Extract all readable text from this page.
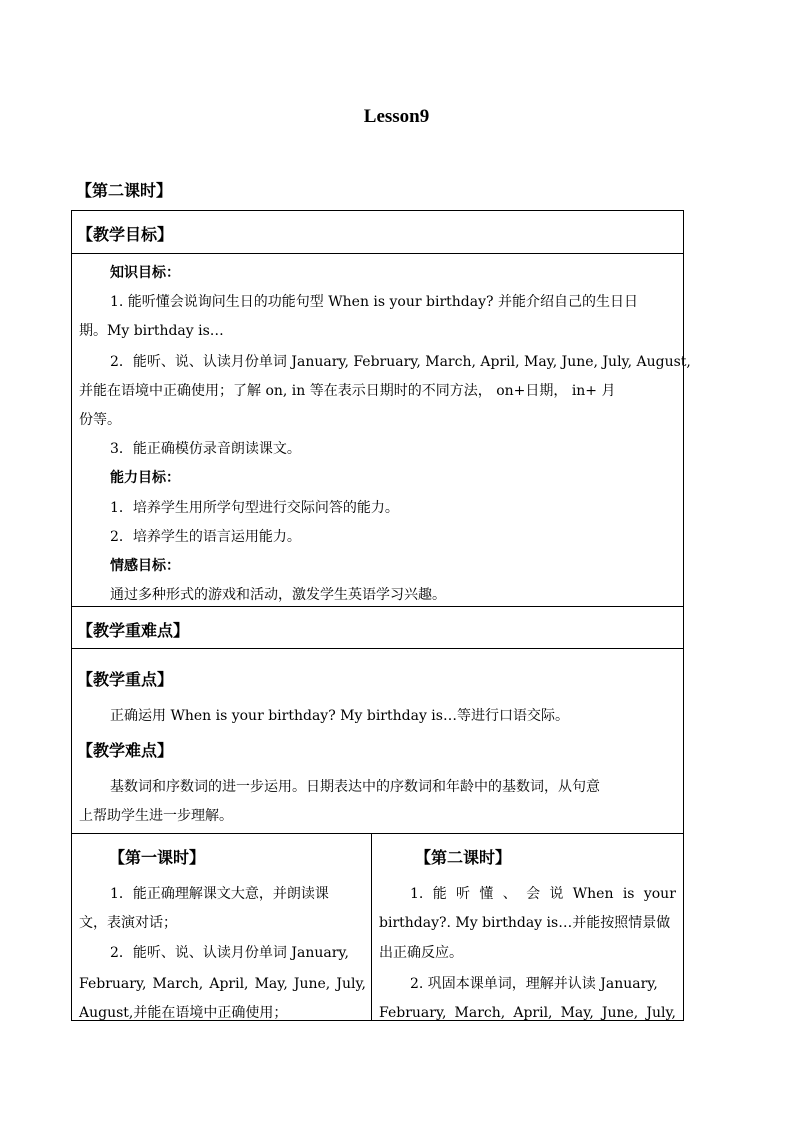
Lesson9
【第二课时】
【教学目标】
知识目标：
1. 能听懂会说询问生日的功能句型 When is your birthday? 并能介绍自己的生日日
期。My birthday is…
2．能听、说、认读月份单词 January, February, March, April, May, June, July, August,
并能在语境中正确使用；了解 on, in 等在表示日期时的不同方法， on+日期， in+ 月
份等。
3．能正确模仿录音朗读课文。
能力目标：
1．培养学生用所学句型进行交际问答的能力。
2．培养学生的语言运用能力。
情感目标：
通过多种形式的游戏和活动，激发学生英语学习兴趣。
【教学重难点】
【教学重点】
正确运用 When is your birthday? My birthday is…等进行口语交际。
【教学难点】
基数词和序数词的进一步运用。日期表达中的序数词和年龄中的基数词，从句意
上帮助学生进一步理解。
【第一课时】
1．能正确理解课文大意，并朗读课
文，表演对话；
2．能听、说、认读月份单词 January,
February, March, April, May, June, July,
August,并能在语境中正确使用；
【第二课时】
1. 能 听 懂 、 会 说 When is your
birthday?. My birthday is…并能按照情景做
出正确反应。
2. 巩固本课单词，理解并认读 January,
February, March, April, May, June, July,
